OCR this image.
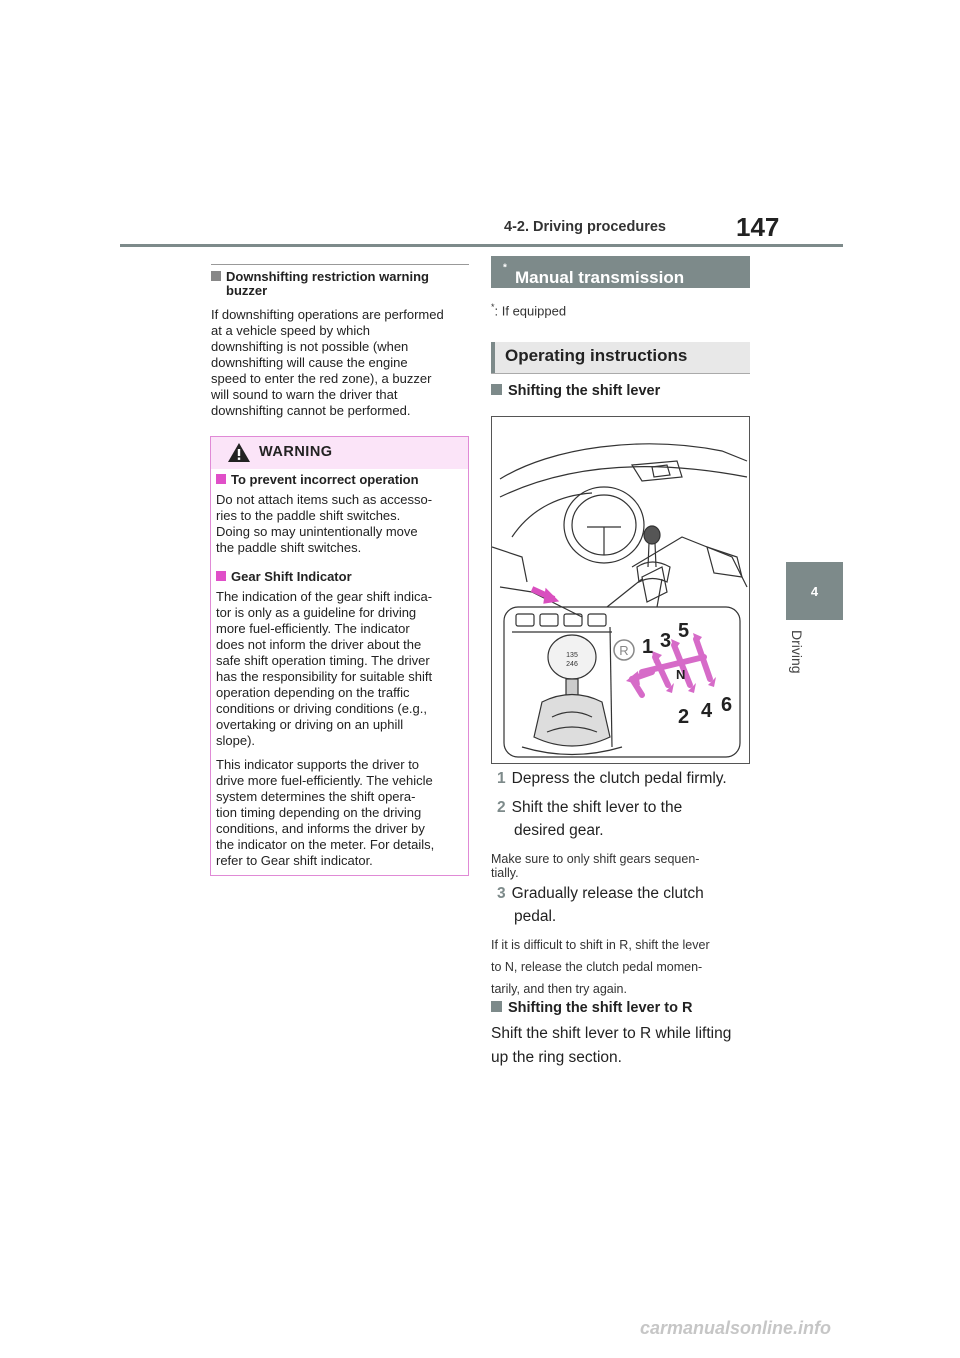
4-2. Driving procedures	147
4
Driving
Downshifting restriction warning
buzzer
If downshifting operations are performed
at a vehicle speed by which
downshifting is not possible (when
downshifting will cause the engine
speed to enter the red zone), a buzzer
will sound to warn the driver that
downshifting cannot be performed.
WARNING
To prevent incorrect operation
Do not attach items such as accesso-
ries to the paddle shift switches.
Doing so may unintentionally move
the paddle shift switches.
Gear Shift Indicator
The indication of the gear shift indica-
tor is only as a guideline for driving
more fuel-efficiently. The indicator
does not inform the driver about the
safe shift operation timing. The driver
has the responsibility for suitable shift
operation depending on the traffic
conditions or driving conditions (e.g.,
overtaking or driving on an uphill
slope).
This indicator supports the driver to
drive more fuel-efficiently. The vehicle
system determines the shift opera-
tion timing depending on the driving
conditions, and informs the driver by
the indicator on the meter. For details,
refer to Gear shift indicator.
Manual transmission
*
*: If equipped
Operating instructions
Shifting the shift lever
135
246
R 1 3 5
N
2 4 6
1 Depress the clutch pedal firmly.
2 Shift the shift lever to the
desired gear.
Make sure to only shift gears sequen-
tially.
3 Gradually release the clutch
pedal.
If it is difficult to shift in R, shift the lever
to N, release the clutch pedal momen-
tarily, and then try again.
Shifting the shift lever to R
Shift the shift lever to R while lifting
up the ring section.
carmanualsonline.info
